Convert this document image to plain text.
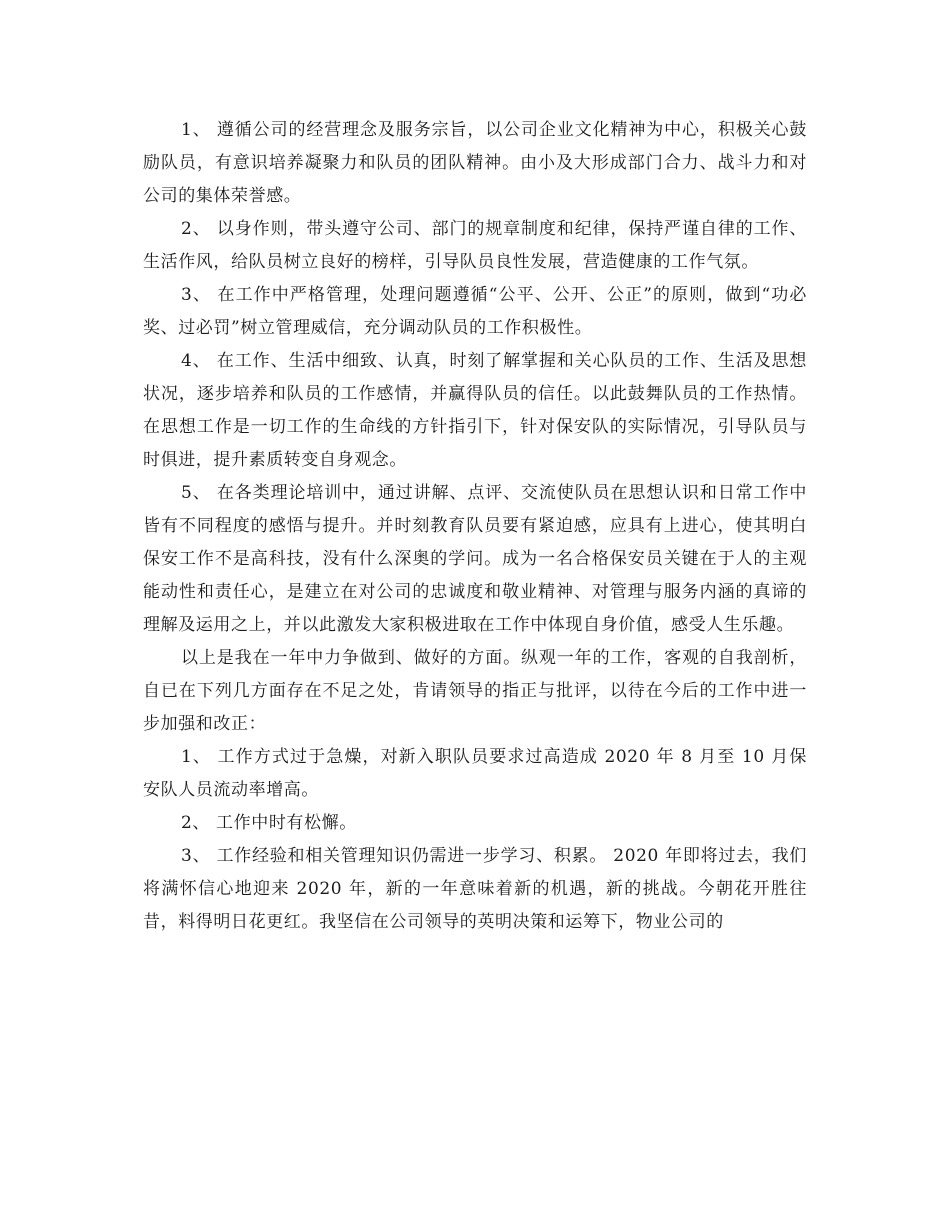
1、 遵循公司的经营理念及服务宗旨，以公司企业文化精神为中心，积极关心鼓励队员，有意识培养凝聚力和队员的团队精神。由小及大形成部门合力、战斗力和对公司的集体荣誉感。

2、 以身作则，带头遵守公司、部门的规章制度和纪律，保持严谨自律的工作、生活作风，给队员树立良好的榜样，引导队员良性发展，营造健康的工作气氛。

3、 在工作中严格管理，处理问题遵循“公平、公开、公正”的原则，做到“功必奖、过必罚”树立管理威信，充分调动队员的工作积极性。

4、 在工作、生活中细致、认真，时刻了解掌握和关心队员的工作、生活及思想状况，逐步培养和队员的工作感情，并赢得队员的信任。以此鼓舞队员的工作热情。在思想工作是一切工作的生命线的方针指引下，针对保安队的实际情况，引导队员与时俱进，提升素质转变自身观念。

5、 在各类理论培训中，通过讲解、点评、交流使队员在思想认识和日常工作中皆有不同程度的感悟与提升。并时刻教育队员要有紧迫感，应具有上进心，使其明白保安工作不是高科技，没有什么深奥的学问。成为一名合格保安员关键在于人的主观能动性和责任心，是建立在对公司的忠诚度和敬业精神、对管理与服务内涵的真谛的理解及运用之上，并以此激发大家积极进取在工作中体现自身价值，感受人生乐趣。

以上是我在一年中力争做到、做好的方面。纵观一年的工作，客观的自我剖析，自已在下列几方面存在不足之处，肯请领导的指正与批评，以待在今后的工作中进一步加强和改正：

1、 工作方式过于急燥，对新入职队员要求过高造成 2020 年 8 月至 10 月保安队人员流动率增高。

2、 工作中时有松懈。

3、 工作经验和相关管理知识仍需进一步学习、积累。 2020 年即将过去，我们将满怀信心地迎来 2020 年，新的一年意味着新的机遇，新的挑战。今朝花开胜往昔，料得明日花更红。我坚信在公司领导的英明决策和运筹下，物业公司的
